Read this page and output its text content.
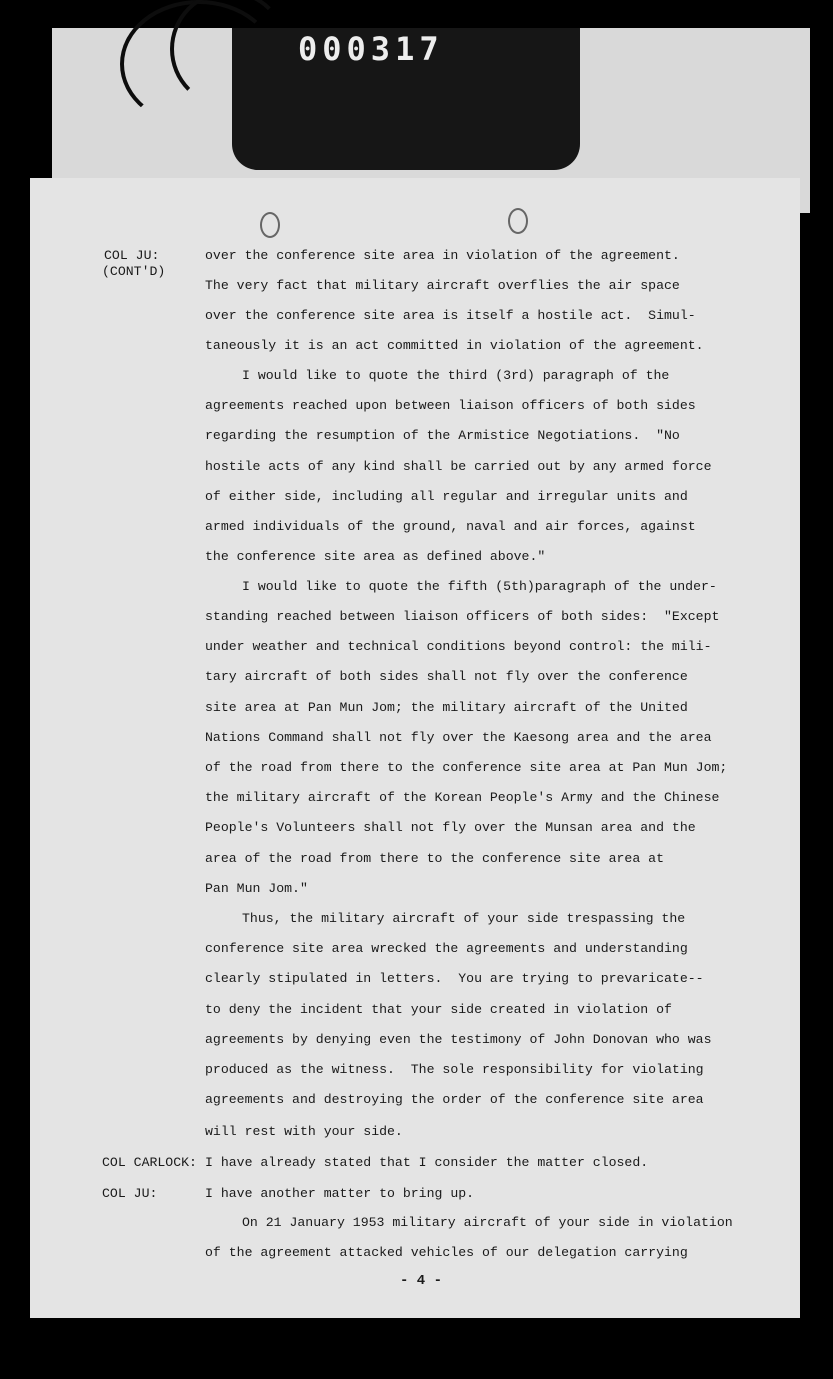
000317
COL JU:
(CONT'D)
COL CARLOCK:
COL JU:
over the conference site area in violation of the agreement.
The very fact that military aircraft overflies the air space
over the conference site area is itself a hostile act.  Simul-
taneously it is an act committed in violation of the agreement.
I would like to quote the third (3rd) paragraph of the
agreements reached upon between liaison officers of both sides
regarding the resumption of the Armistice Negotiations.  "No
hostile acts of any kind shall be carried out by any armed force
of either side, including all regular and irregular units and
armed individuals of the ground, naval and air forces, against
the conference site area as defined above."
I would like to quote the fifth (5th)paragraph of the under-
standing reached between liaison officers of both sides:  "Except
under weather and technical conditions beyond control: the mili-
tary aircraft of both sides shall not fly over the conference
site area at Pan Mun Jom; the military aircraft of the United
Nations Command shall not fly over the Kaesong area and the area
of the road from there to the conference site area at Pan Mun Jom;
the military aircraft of the Korean People's Army and the Chinese
People's Volunteers shall not fly over the Munsan area and the
area of the road from there to the conference site area at
Pan Mun Jom."
Thus, the military aircraft of your side trespassing the
conference site area wrecked the agreements and understanding
clearly stipulated in letters.  You are trying to prevaricate--
to deny the incident that your side created in violation of
agreements by denying even the testimony of John Donovan who was
produced as the witness.  The sole responsibility for violating
agreements and destroying the order of the conference site area
will rest with your side.
I have already stated that I consider the matter closed.
I have another matter to bring up.
On 21 January 1953 military aircraft of your side in violation
of the agreement attacked vehicles of our delegation carrying
- 4 -
